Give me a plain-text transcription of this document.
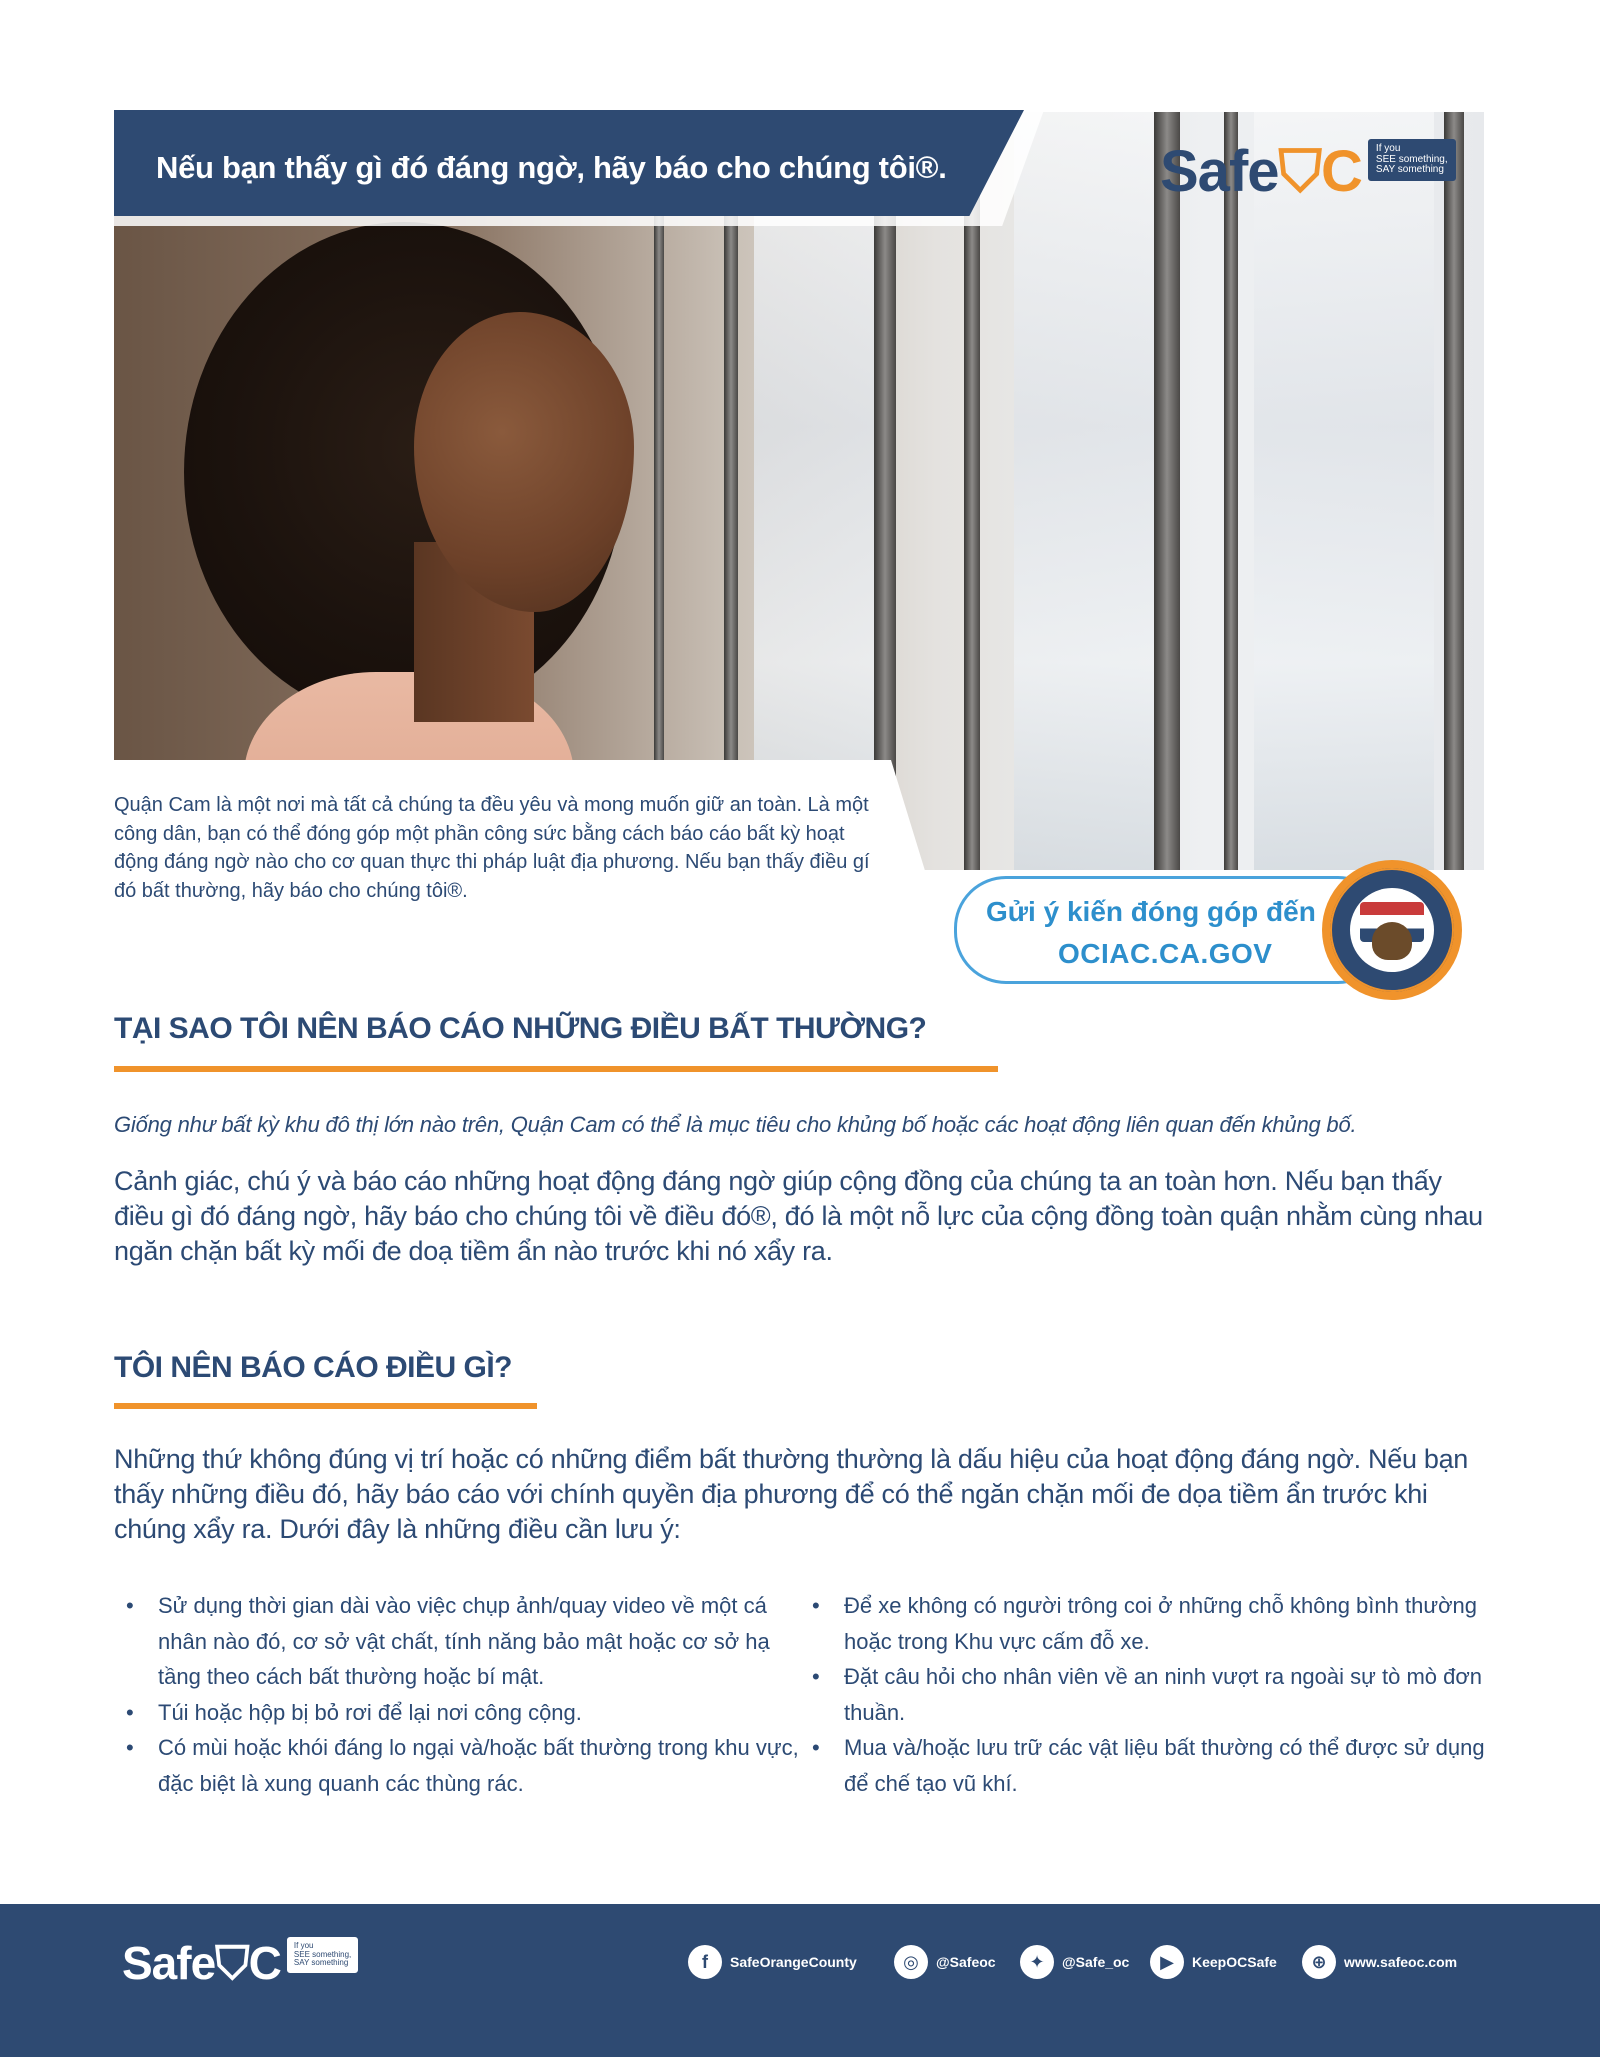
Nếu bạn thấy gì đó đáng ngờ, hãy báo cho chúng tôi®.	Safe⛉C If you
SEE something,
SAY something
Quận Cam là một nơi mà tất cả chúng ta đều yêu và mong muốn giữ an toàn. Là một công dân, bạn có thể đóng góp một phần công sức bằng cách báo cáo bất kỳ hoạt động đáng ngờ nào cho cơ quan thực thi pháp luật địa phương. Nếu bạn thấy điều gí đó bất thường, hãy báo cho chúng tôi®.
Gửi ý kiến đóng góp đến
OCIAC.CA.GOV
TẠI SAO TÔI NÊN BÁO CÁO NHỮNG ĐIỀU BẤT THƯỜNG?
Giống như bất kỳ khu đô thị lớn nào trên, Quận Cam có thể là mục tiêu cho khủng bố hoặc các hoạt động liên quan đến khủng bố.
Cảnh giác, chú ý và báo cáo những hoạt động đáng ngờ giúp cộng đồng của chúng ta an toàn hơn. Nếu bạn thấy điều gì đó đáng ngờ, hãy báo cho chúng tôi về điều đó®, đó là một nỗ lực của cộng đồng toàn quận nhằm cùng nhau ngăn chặn bất kỳ mối đe doạ tiềm ẩn nào trước khi nó xẩy ra.
TÔI NÊN BÁO CÁO ĐIỀU GÌ?
Những thứ không đúng vị trí hoặc có những điểm bất thường thường là dấu hiệu của hoạt động đáng ngờ. Nếu bạn thấy những điều đó, hãy báo cáo với chính quyền địa phương để có thể ngăn chặn mối đe dọa tiềm ẩn trước khi chúng xẩy ra. Dưới đây là những điều cần lưu ý:
• Sử dụng thời gian dài vào việc chụp ảnh/quay video về một cá nhân nào đó, cơ sở vật chất, tính năng bảo mật hoặc cơ sở hạ tầng theo cách bất thường hoặc bí mật.
• Túi hoặc hộp bị bỏ rơi để lại nơi công cộng.
• Có mùi hoặc khói đáng lo ngại và/hoặc bất thường trong khu vực, đặc biệt là xung quanh các thùng rác.
• Để xe không có người trông coi ở những chỗ không bình thường hoặc trong Khu vực cấm đỗ xe.
• Đặt câu hỏi cho nhân viên về an ninh vượt ra ngoài sự tò mò đơn thuần.
• Mua và/hoặc lưu trữ các vật liệu bất thường có thể được sử dụng để chế tạo vũ khí.
Safe⛉C If you
SEE something,
SAY something	f	SafeOrangeCounty	◎	@Safeoc	✦	@Safe_oc	▶	KeepOCSafe	⊕	www.safeoc.com
